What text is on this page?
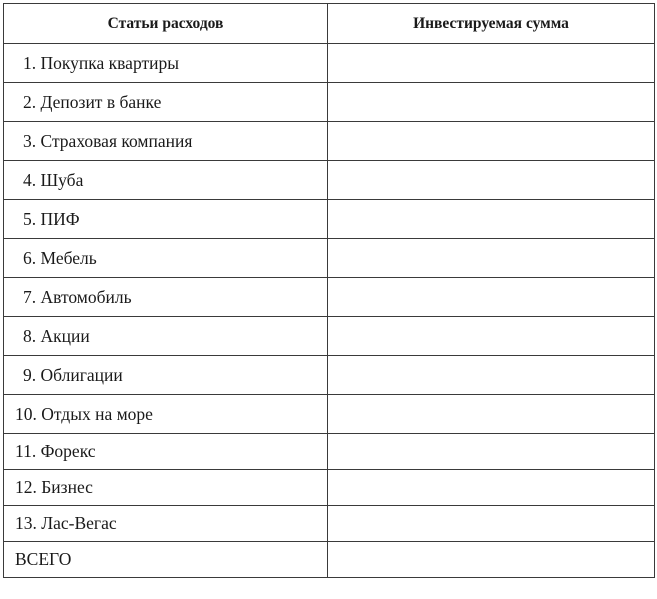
Статьи расходов	Инвестируемая сумма
1. Покупка квартиры	
2. Депозит в банке	
3. Страховая компания	
4. Шуба	
5. ПИФ	
6. Мебель	
7. Автомобиль	
8. Акции	
9. Облигации	
10. Отдых на море	
11. Форекс	
12. Бизнес	
13. Лас-Вегас	
ВСЕГО	
